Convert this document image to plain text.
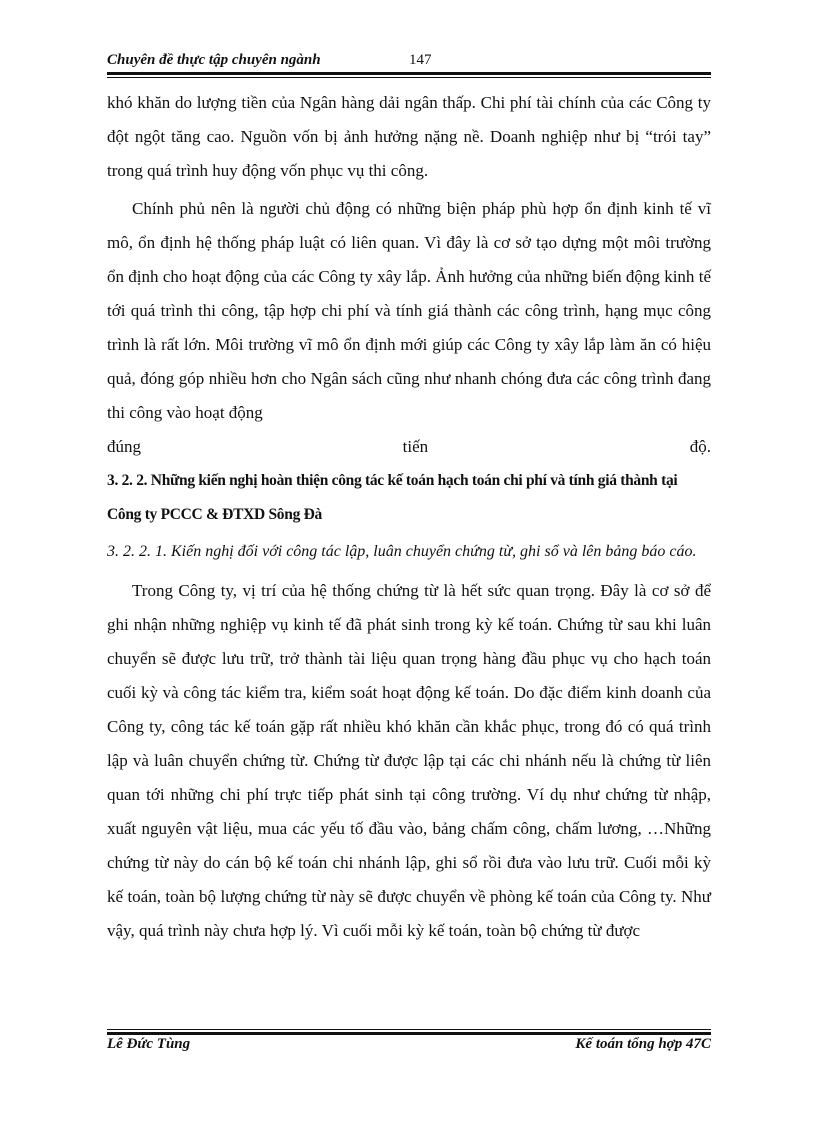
Chuyên đề thực tập chuyên ngành	147

khó khăn do lượng tiền của Ngân hàng dải ngân thấp. Chi phí tài chính của các Công ty đột ngột tăng cao. Nguồn vốn bị ảnh hưởng nặng nề. Doanh nghiệp như bị “trói tay” trong quá trình huy động vốn phục vụ thi công.

Chính phủ nên là người chủ động có những biện pháp phù hợp ổn định kinh tế vĩ mô, ổn định hệ thống pháp luật có liên quan. Vì đây là cơ sở tạo dựng một môi trường ổn định cho hoạt động của các Công ty xây lắp. Ảnh hưởng của những biến động kinh tế tới quá trình thi công, tập hợp chi phí và tính giá thành các công trình, hạng mục công trình là rất lớn. Môi trường vĩ mô ổn định mới giúp các Công ty xây lắp làm ăn có hiệu quả, đóng góp nhiều hơn cho Ngân sách cũng như nhanh chóng đưa các công trình đang thi công vào hoạt động

đúng	tiến	độ.

3. 2. 2. Những kiến nghị hoàn thiện công tác kế toán hạch toán chi phí và tính giá thành tại Công ty PCCC & ĐTXD Sông Đà

3. 2. 2. 1. Kiến nghị đối với công tác lập, luân chuyển chứng từ, ghi sổ và lên bảng báo cáo.

Trong Công ty, vị trí của hệ thống chứng từ là hết sức quan trọng. Đây là cơ sở để ghi nhận những nghiệp vụ kinh tế đã phát sinh trong kỳ kế toán. Chứng từ sau khi luân chuyển sẽ được lưu trữ, trở thành tài liệu quan trọng hàng đầu phục vụ cho hạch toán cuối kỳ và công tác kiểm tra, kiểm soát hoạt động kế toán. Do đặc điểm kinh doanh của Công ty, công tác kế toán gặp rất nhiều khó khăn cần khắc phục, trong đó có quá trình lập và luân chuyển chứng từ. Chứng từ được lập tại các chi nhánh nếu là chứng từ liên quan tới những chi phí trực tiếp phát sinh tại công trường. Ví dụ như chứng từ nhập, xuất nguyên vật liệu, mua các yếu tố đầu vào, bảng chấm công, chấm lương, …Những chứng từ này do cán bộ kế toán chi nhánh lập, ghi sổ rồi đưa vào lưu trữ. Cuối mỗi kỳ kế toán, toàn bộ lượng chứng từ này sẽ được chuyển về phòng kế toán của Công ty. Như vậy, quá trình này chưa hợp lý. Vì cuối mỗi kỳ kế toán, toàn bộ chứng từ được

Lê Đức Tùng	Kế toán tổng hợp 47C
